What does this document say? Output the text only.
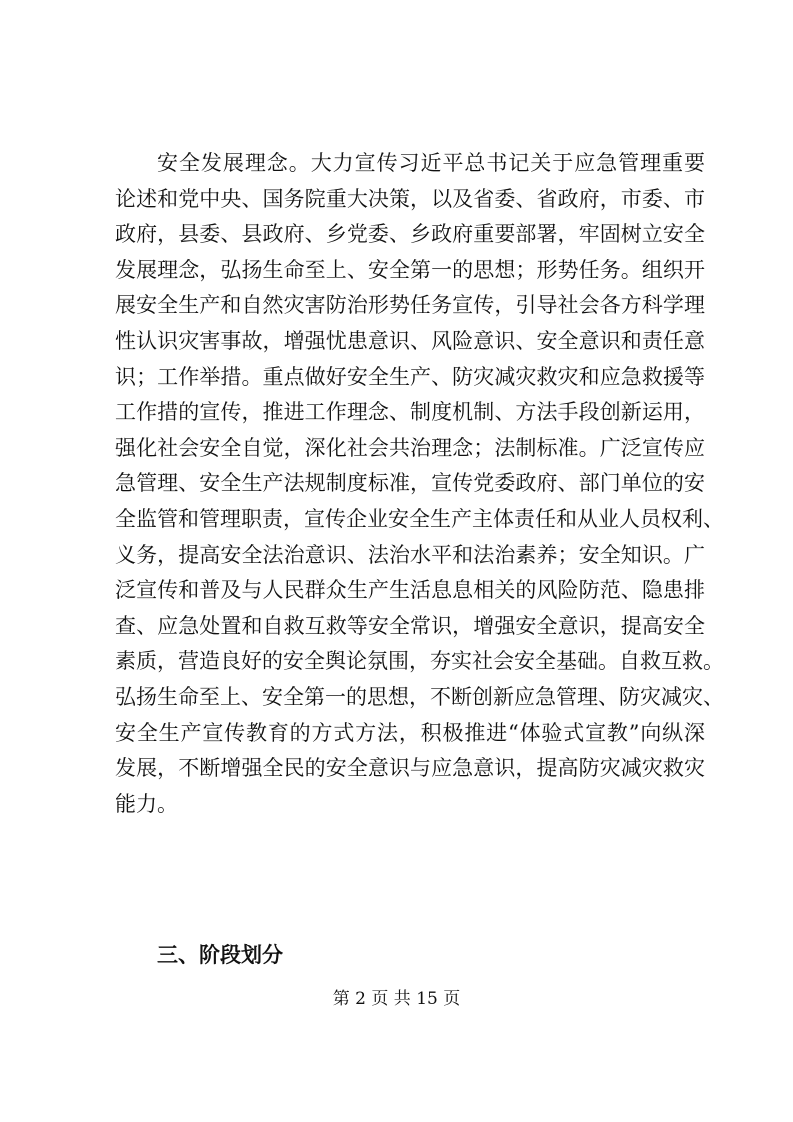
安全发展理念。大力宣传习近平总书记关于应急管理重要
论述和党中央、国务院重大决策，以及省委、省政府，市委、市
政府，县委、县政府、乡党委、乡政府重要部署，牢固树立安全
发展理念，弘扬生命至上、安全第一的思想；形势任务。组织开
展安全生产和自然灾害防治形势任务宣传，引导社会各方科学理
性认识灾害事故，增强忧患意识、风险意识、安全意识和责任意
识；工作举措。重点做好安全生产、防灾减灾救灾和应急救援等
工作措的宣传，推进工作理念、制度机制、方法手段创新运用，
强化社会安全自觉，深化社会共治理念；法制标准。广泛宣传应
急管理、安全生产法规制度标准，宣传党委政府、部门单位的安
全监管和管理职责，宣传企业安全生产主体责任和从业人员权利、
义务，提高安全法治意识、法治水平和法治素养；安全知识。广
泛宣传和普及与人民群众生产生活息息相关的风险防范、隐患排
查、应急处置和自救互救等安全常识，增强安全意识，提高安全
素质，营造良好的安全舆论氛围，夯实社会安全基础。自救互救。
弘扬生命至上、安全第一的思想，不断创新应急管理、防灾减灾、
安全生产宣传教育的方式方法，积极推进“体验式宣教”向纵深
发展，不断增强全民的安全意识与应急意识，提高防灾减灾救灾
能力。
三、阶段划分
第 2 页 共 15 页
